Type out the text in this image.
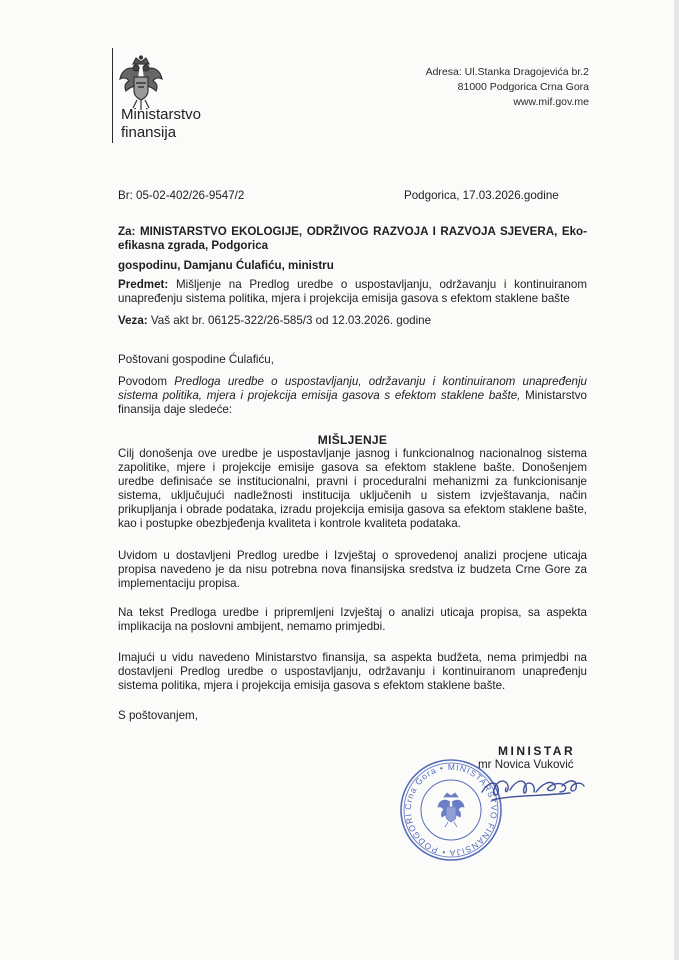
Ministarstvo finansija
Adresa: Ul.Stanka Dragojevića br.2
81000 Podgorica Crna Gora
www.mif.gov.me
Br: 05-02-402/26-9547/2	Podgorica, 17.03.2026.godine
Za: MINISTARSTVO EKOLOGIJE, ODRŽIVOG RAZVOJA I RAZVOJA SJEVERA, Eko-efikasna zgrada, Podgorica
gospodinu, Damjanu Ćulafiću, ministru
Predmet: Mišljenje na Predlog uredbe o uspostavljanju, održavanju i kontinuiranom unapređenju sistema politika, mjera i projekcija emisija gasova s efektom staklene bašte
Veza: Vaš akt br. 06125-322/26-585/3 od 12.03.2026. godine
Poštovani gospodine Ćulafiću,
Povodom Predloga uredbe o uspostavljanju, održavanju i kontinuiranom unapređenju sistema politika, mjera i projekcija emisija gasova s efektom staklene bašte, Ministarstvo finansija daje sledeće:
MIŠLJENJE
Cilj donošenja ove uredbe je uspostavljanje jasnog i funkcionalnog nacionalnog sistema zapolitike, mjere i projekcije emisije gasova sa efektom staklene bašte. Donošenjem uredbe definisaće se institucionalni, pravni i proceduralni mehanizmi za funkcionisanje sistema, uključujući nadležnosti institucija uključenih u sistem izvještavanja, način prikupljanja i obrade podataka, izradu projekcija emisija gasova sa efektom staklene bašte, kao i postupke obezbjeđenja kvaliteta i kontrole kvaliteta podataka.
Uvidom u dostavljeni Predlog uredbe i Izvještaj o sprovedenoj analizi procjene uticaja propisa navedeno je da nisu potrebna nova finansijska sredstva iz budzeta Crne Gore za implementaciju propisa.
Na tekst Predloga uredbe i pripremljeni Izvještaj o analizi uticaja propisa, sa aspekta implikacija na poslovni ambijent, nemamo primjedbi.
Imajući u vidu navedeno Ministarstvo finansija, sa aspekta budžeta, nema primjedbi na dostavljeni Predlog uredbe o uspostavljanju, održavanju i kontinuiranom unapređenju sistema politika, mjera i projekcija emisija gasova s efektom staklene bašte.
S poštovanjem,
MINISTAR
mr Novica Vuković
Crna Gora • MINISTARSTVO FINANSIJA • PODGORI
